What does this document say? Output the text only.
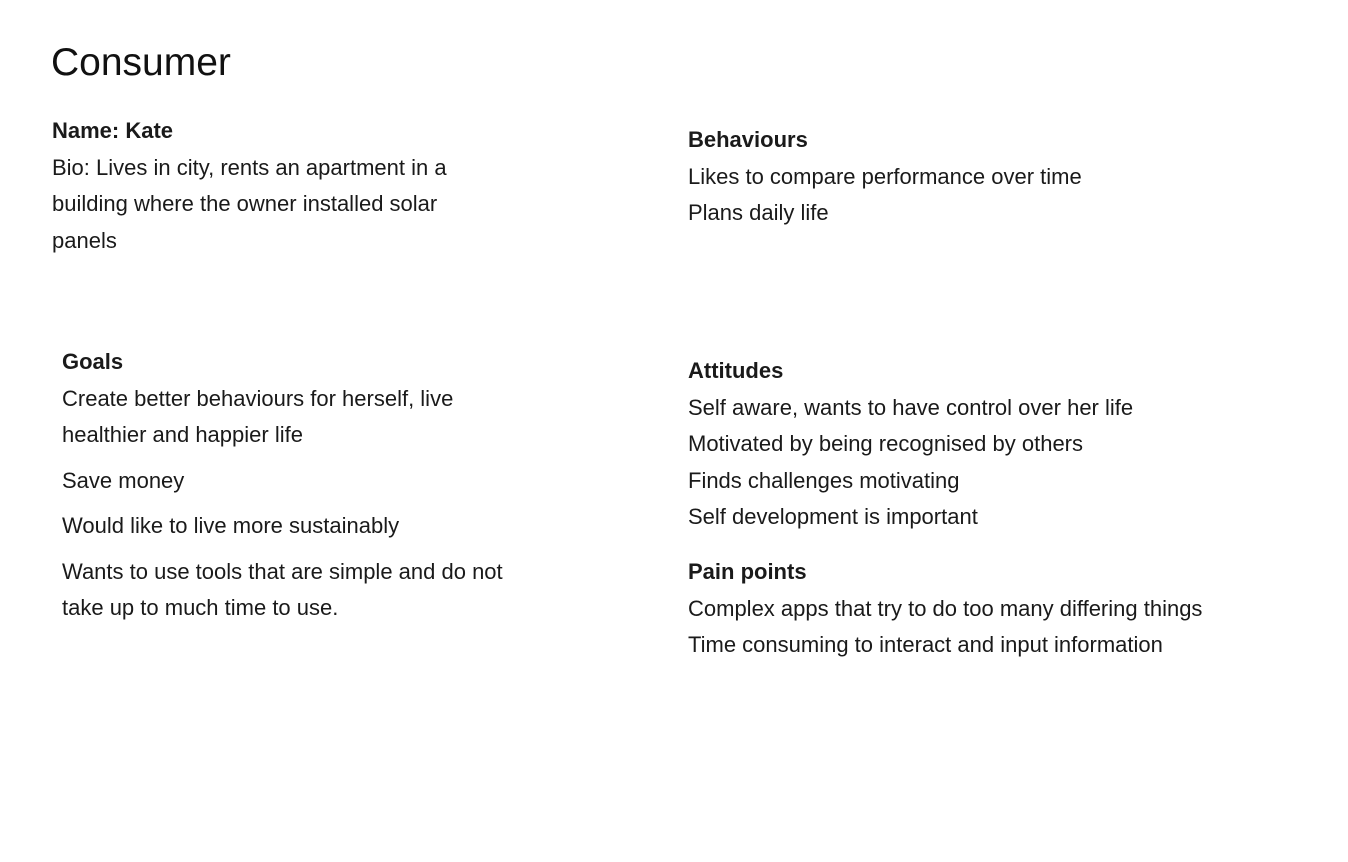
Consumer
Name: Kate
Bio: Lives in city, rents an apartment in a building where the owner installed solar panels
Behaviours
Likes to compare performance over time
Plans daily life
Goals
Create better behaviours for herself, live healthier and happier life
Save money
Would like to live more sustainably
Wants to use tools that are simple and do not take up to much time to use.
Attitudes
Self aware, wants to have control over her life
Motivated by being recognised by others
Finds challenges motivating
Self development is important
Pain points
Complex apps that try to do too many differing things
Time consuming to interact and input information
